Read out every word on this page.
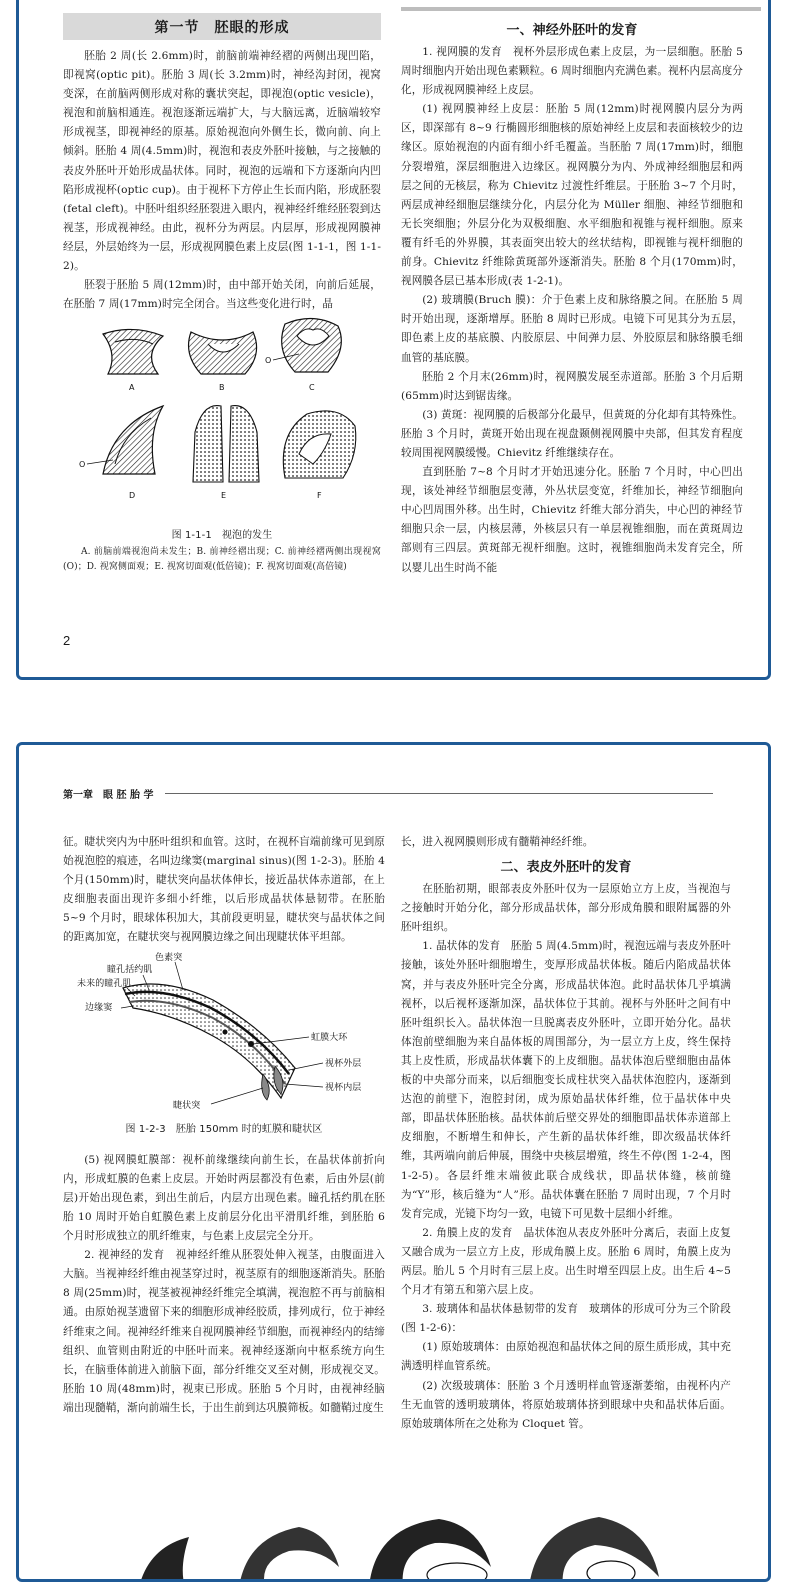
第一节　胚眼的形成

胚胎 2 周(长 2.6mm)时，前脑前端神经褶的两侧出现凹陷，即视窝(optic pit)。胚胎 3 周(长 3.2mm)时，神经沟封闭，视窝变深，在前脑两侧形成对称的囊状突起，即视泡(optic vesicle)，视泡和前脑相通连。视泡逐渐远端扩大，与大脑远离，近脑端较窄形成视茎，即视神经的原基。原始视泡向外侧生长，微向前、向上倾斜。胚胎 4 周(4.5mm)时，视泡和表皮外胚叶接触，与之接触的表皮外胚叶开始形成晶状体。同时，视泡的远端和下方逐渐向内凹陷形成视杯(optic cup)。由于视杯下方停止生长而内陷，形成胚裂(fetal cleft)。中胚叶组织经胚裂进入眼内，视神经纤维经胚裂到达视茎，形成视神经。由此，视杯分为两层。内层厚，形成视网膜神经层，外层始终为一层，形成视网膜色素上皮层(图 1-1-1，图 1-1-2)。

胚裂于胚胎 5 周(12mm)时，由中部开始关闭，向前后延展，在胚胎 7 周(17mm)时完全闭合。当这些变化进行时，晶

A	B
O
C
O
D	E	F
图 1-1-1　视泡的发生

A. 前脑前端视泡尚未发生；B. 前神经褶出现；C. 前神经褶两侧出现视窝(O)；D. 视窝侧面观；E. 视窝切面观(低倍镜)；F. 视窝切面观(高倍镜)

2
一、神经外胚叶的发育

1. 视网膜的发育　视杯外层形成色素上皮层，为一层细胞。胚胎 5 周时细胞内开始出现色素颗粒。6 周时细胞内充满色素。视杯内层高度分化，形成视网膜神经上皮层。

(1) 视网膜神经上皮层：胚胎 5 周(12mm)时视网膜内层分为两区，即深部有 8~9 行椭圆形细胞核的原始神经上皮层和表面核较少的边缘区。原始视泡的内面有细小纤毛覆盖。当胚胎 7 周(17mm)时，细胞分裂增殖，深层细胞进入边缘区。视网膜分为内、外成神经细胞层和两层之间的无核层，称为 Chievitz 过渡性纤维层。于胚胎 3~7 个月时，两层成神经细胞层继续分化，内层分化为 Müller 细胞、神经节细胞和无长突细胞；外层分化为双极细胞、水平细胞和视锥与视杆细胞。原来覆有纤毛的外界膜，其表面突出较大的丝状结构，即视锥与视杆细胞的前身。Chievitz 纤维除黄斑部外逐渐消失。胚胎 8 个月(170mm)时，视网膜各层已基本形成(表 1-2-1)。

(2) 玻璃膜(Bruch 膜)：介于色素上皮和脉络膜之间。在胚胎 5 周时开始出现，逐渐增厚。胚胎 8 周时已形成。电镜下可见其分为五层，即色素上皮的基底膜、内胶原层、中间弹力层、外胶原层和脉络膜毛细血管的基底膜。

胚胎 2 个月末(26mm)时，视网膜发展至赤道部。胚胎 3 个月后期(65mm)时达到锯齿缘。

(3) 黄斑：视网膜的后极部分化最早，但黄斑的分化却有其特殊性。胚胎 3 个月时，黄斑开始出现在视盘颞侧视网膜中央部，但其发育程度较周围视网膜缓慢。Chievitz 纤维继续存在。

直到胚胎 7~8 个月时才开始迅速分化。胚胎 7 个月时，中心凹出现，该处神经节细胞层变薄，外丛状层变宽，纤维加长，神经节细胞向中心凹周围外移。出生时，Chievitz 纤维大部分消失，中心凹的神经节细胞只余一层，内核层薄，外核层只有一单层视锥细胞，而在黄斑周边部则有三四层。黄斑部无视杆细胞。这时，视锥细胞尚未发育完全，所以婴儿出生时尚不能

第一章　眼 胚 胎 学

征。睫状突内为中胚叶组织和血管。这时，在视杯盲端前缘可见到原始视泡腔的痕迹，名叫边缘窦(marginal sinus)(图 1-2-3)。胚胎 4 个月(150mm)时，睫状突向晶状体伸长，接近晶状体赤道部，在上皮细胞表面出现许多细小纤维，以后形成晶状体悬韧带。在胚胎 5~9 个月时，眼球体积加大，其前段更明显，睫状突与晶状体之间的距离加宽，在睫状突与视网膜边缘之间出现睫状体平坦部。

色素突
瞳孔括约肌
未来的瞳孔肌
边缘窦
虹膜大环
视杯外层
视杯内层
睫状突
图 1-2-3　胚胎 150mm 时的虹膜和睫状区

(5) 视网膜虹膜部：视杯前缘继续向前生长，在晶状体前折向内，形成虹膜的色素上皮层。开始时两层都没有色素，后由外层(前层)开始出现色素，到出生前后，内层方出现色素。瞳孔括约肌在胚胎 10 周时开始自虹膜色素上皮前层分化出平滑肌纤维，到胚胎 6 个月时形成独立的肌纤维束，与色素上皮层完全分开。

2. 视神经的发育　视神经纤维从胚裂处伸入视茎，由腹面进入大脑。当视神经纤维由视茎穿过时，视茎原有的细胞逐渐消失。胚胎 8 周(25mm)时，视茎被视神经纤维完全填满，视泡腔不再与前脑相通。由原始视茎遗留下来的细胞形成神经胶质，排列成行，位于神经纤维束之间。视神经纤维来自视网膜神经节细胞，而视神经内的结缔组织、血管则由附近的中胚叶而来。视神经逐渐向中枢系统方向生长，在脑垂体前进入前脑下面，部分纤维交叉至对侧，形成视交叉。胚胎 10 周(48mm)时，视束已形成。胚胎 5 个月时，由视神经脑端出现髓鞘，渐向前端生长，于出生前到达巩膜筛板。如髓鞘过度生

长，进入视网膜则形成有髓鞘神经纤维。

二、表皮外胚叶的发育

在胚胎初期，眼部表皮外胚叶仅为一层原始立方上皮，当视泡与之接触时开始分化，部分形成晶状体，部分形成角膜和眼附属器的外胚叶组织。

1. 晶状体的发育　胚胎 5 周(4.5mm)时，视泡远端与表皮外胚叶接触，该处外胚叶细胞增生，变厚形成晶状体板。随后内陷成晶状体窝，并与表皮外胚叶完全分离，形成晶状体泡。此时晶状体几乎填满视杯，以后视杯逐渐加深，晶状体位于其前。视杯与外胚叶之间有中胚叶组织长入。晶状体泡一旦脱离表皮外胚叶，立即开始分化。晶状体泡前壁细胞为来自晶体板的周围部分，为一层立方上皮，终生保持其上皮性质，形成晶状体囊下的上皮细胞。晶状体泡后壁细胞由晶体板的中央部分而来，以后细胞变长成柱状突入晶状体泡腔内，逐渐到达泡的前壁下，泡腔封闭，成为原始晶状体纤维，位于晶状体中央部，即晶状体胚胎核。晶状体前后壁交界处的细胞即晶状体赤道部上皮细胞，不断增生和伸长，产生新的晶状体纤维，即次级晶状体纤维，其两端向前后伸展，围绕中央核层增殖，终生不停(图 1-2-4，图 1-2-5)。各层纤维末端彼此联合成线状，即晶状体缝，核前缝为“Y”形，核后缝为“人”形。晶状体囊在胚胎 7 周时出现，7 个月时发育完成，光镜下均匀一致，电镜下可见数十层细小纤维。

2. 角膜上皮的发育　晶状体泡从表皮外胚叶分离后，表面上皮复又融合成为一层立方上皮，形成角膜上皮。胚胎 6 周时，角膜上皮为两层。胎儿 5 个月时有三层上皮。出生时增至四层上皮。出生后 4~5 个月才有第五和第六层上皮。

3. 玻璃体和晶状体悬韧带的发育　玻璃体的形成可分为三个阶段(图 1-2-6)：

(1) 原始玻璃体：由原始视泡和晶状体之间的原生质形成，其中充满透明样血管系统。

(2) 次级玻璃体：胚胎 3 个月透明样血管逐渐萎缩，由视杯内产生无血管的透明玻璃体，将原始玻璃体挤到眼球中央和晶状体后面。原始玻璃体所在之处称为 Cloquet 管。
